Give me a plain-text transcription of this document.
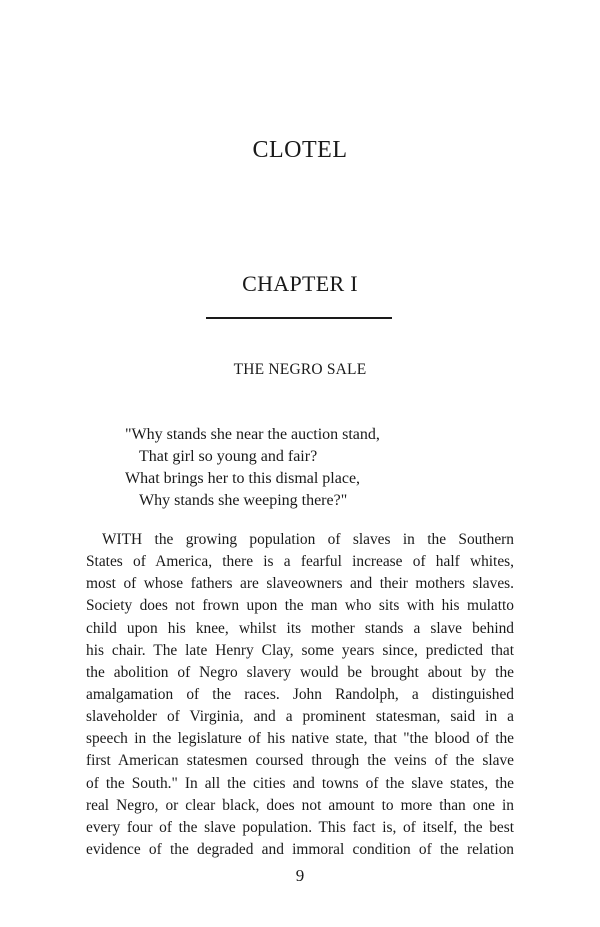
CLOTEL
CHAPTER I
THE NEGRO SALE
"Why stands she near the auction stand,
That girl so young and fair?
What brings her to this dismal place,
Why stands she weeping there?"
WITH the growing population of slaves in the Southern
States of America, there is a fearful increase of half whites,
most of whose fathers are slaveowners and their mothers slaves.
Society does not frown upon the man who sits with his mulatto
child upon his knee, whilst its mother stands a slave behind
his chair. The late Henry Clay, some years since, predicted that
the abolition of Negro slavery would be brought about by the
amalgamation of the races. John Randolph, a distinguished
slaveholder of Virginia, and a prominent statesman, said in a
speech in the legislature of his native state, that "the blood of the
first American statesmen coursed through the veins of the slave
of the South." In all the cities and towns of the slave states, the
real Negro, or clear black, does not amount to more than one in
every four of the slave population. This fact is, of itself, the best
evidence of the degraded and immoral condition of the relation
9
